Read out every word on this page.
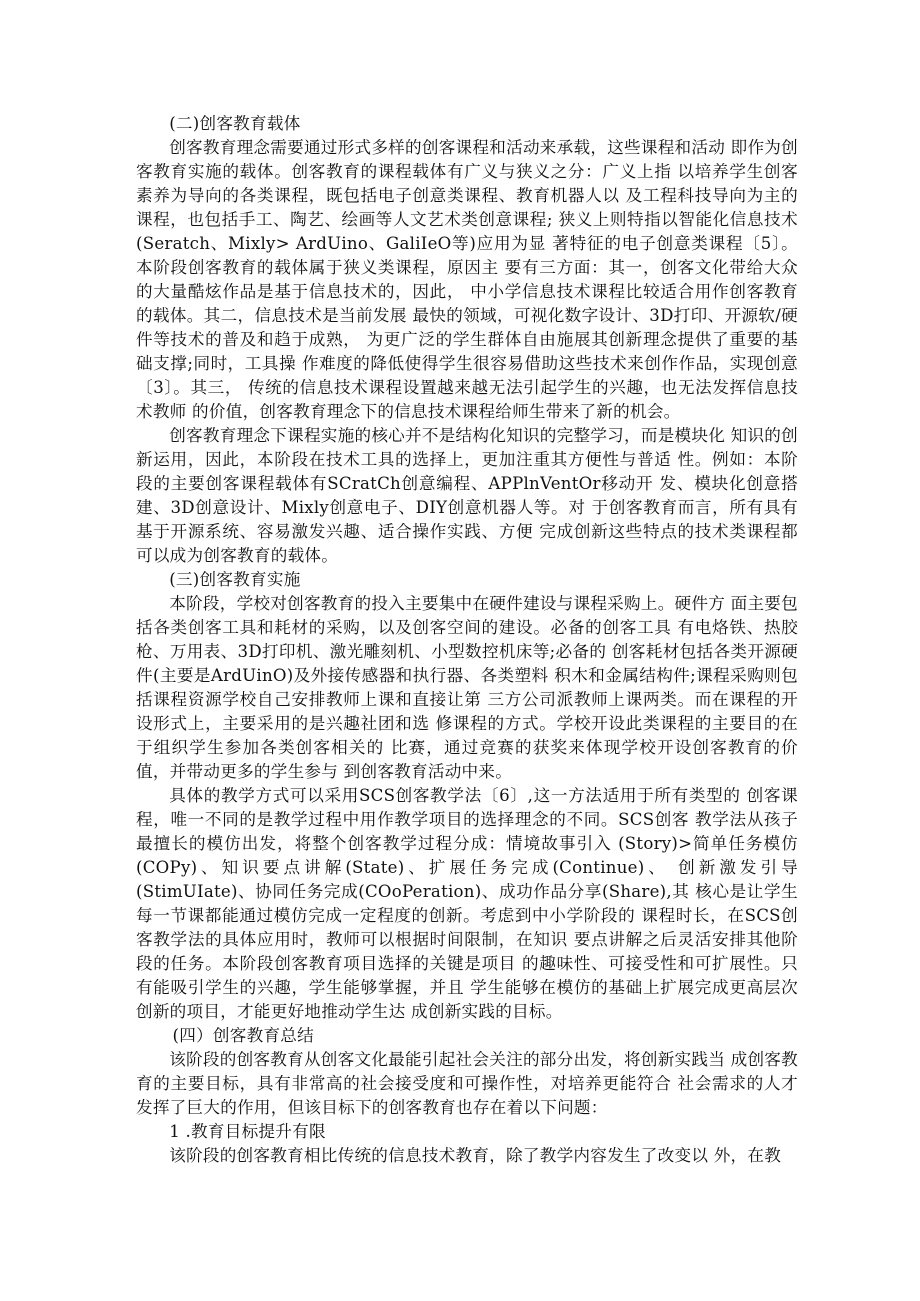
(二)创客教育载体

创客教育理念需要通过形式多样的创客课程和活动来承载，这些课程和活动 即作为创客教育实施的载体。创客教育的课程载体有广义与狭义之分：广义上指 以培养学生创客素养为导向的各类课程，既包括电子创意类课程、教育机器人以 及工程科技导向为主的课程，也包括手工、陶艺、绘画等人文艺术类创意课程; 狭义上则特指以智能化信息技术(Seratch、Mixly> ArdUino、GaliIeO等)应用为显 著特征的电子创意类课程〔5〕。本阶段创客教育的载体属于狭义类课程，原因主 要有三方面：其一，创客文化带给大众的大量酷炫作品是基于信息技术的，因此， 中小学信息技术课程比较适合用作创客教育的载体。其二，信息技术是当前发展 最快的领域，可视化数字设计、3D打印、开源软/硬件等技术的普及和趋于成熟， 为更广泛的学生群体自由施展其创新理念提供了重要的基础支撑;同时，工具操 作难度的降低使得学生很容易借助这些技术来创作作品，实现创意〔3〕。其三， 传统的信息技术课程设置越来越无法引起学生的兴趣，也无法发挥信息技术教师 的价值，创客教育理念下的信息技术课程给师生带来了新的机会。

创客教育理念下课程实施的核心并不是结构化知识的完整学习，而是模块化 知识的创新运用，因此，本阶段在技术工具的选择上，更加注重其方便性与普适 性。例如：本阶段的主要创客课程载体有SCratCh创意编程、APPlnVentOr移动开 发、模块化创意搭建、3D创意设计、Mixly创意电子、DIY创意机器人等。对 于创客教育而言，所有具有基于开源系统、容易激发兴趣、适合操作实践、方便 完成创新这些特点的技术类课程都可以成为创客教育的载体。

(三)创客教育实施

本阶段，学校对创客教育的投入主要集中在硬件建设与课程采购上。硬件方 面主要包括各类创客工具和耗材的采购，以及创客空间的建设。必备的创客工具 有电烙铁、热胶枪、万用表、3D打印机、激光雕刻机、小型数控机床等;必备的 创客耗材包括各类开源硬件(主要是ArdUinO)及外接传感器和执行器、各类塑料 积木和金属结构件;课程采购则包括课程资源学校自己安排教师上课和直接让第 三方公司派教师上课两类。而在课程的开设形式上，主要采用的是兴趣社团和选 修课程的方式。学校开设此类课程的主要目的在于组织学生参加各类创客相关的 比赛，通过竞赛的获奖来体现学校开设创客教育的价值，并带动更多的学生参与 到创客教育活动中来。

具体的教学方式可以采用SCS创客教学法〔6〕,这一方法适用于所有类型的 创客课程，唯一不同的是教学过程中用作教学项目的选择理念的不同。SCS创客 教学法从孩子最擅长的模仿出发，将整个创客教学过程分成：情境故事引入 (Story)>简单任务模仿(COPy)、知识要点讲解(State)、扩展任务完成(Continue)、 创新激发引导(StimUIate)、协同任务完成(COoPeration)、成功作品分享(Share),其 核心是让学生每一节课都能通过模仿完成一定程度的创新。考虑到中小学阶段的 课程时长，在SCS创客教学法的具体应用时，教师可以根据时间限制，在知识 要点讲解之后灵活安排其他阶段的任务。本阶段创客教育项目选择的关键是项目 的趣味性、可接受性和可扩展性。只有能吸引学生的兴趣，学生能够掌握，并且 学生能够在模仿的基础上扩展完成更高层次创新的项目，才能更好地推动学生达 成创新实践的目标。

(四）创客教育总结

该阶段的创客教育从创客文化最能引起社会关注的部分出发，将创新实践当 成创客教育的主要目标，具有非常高的社会接受度和可操作性，对培养更能符合 社会需求的人才发挥了巨大的作用，但该目标下的创客教育也存在着以下问题：

1 .教育目标提升有限

该阶段的创客教育相比传统的信息技术教育，除了教学内容发生了改变以 外，在教
